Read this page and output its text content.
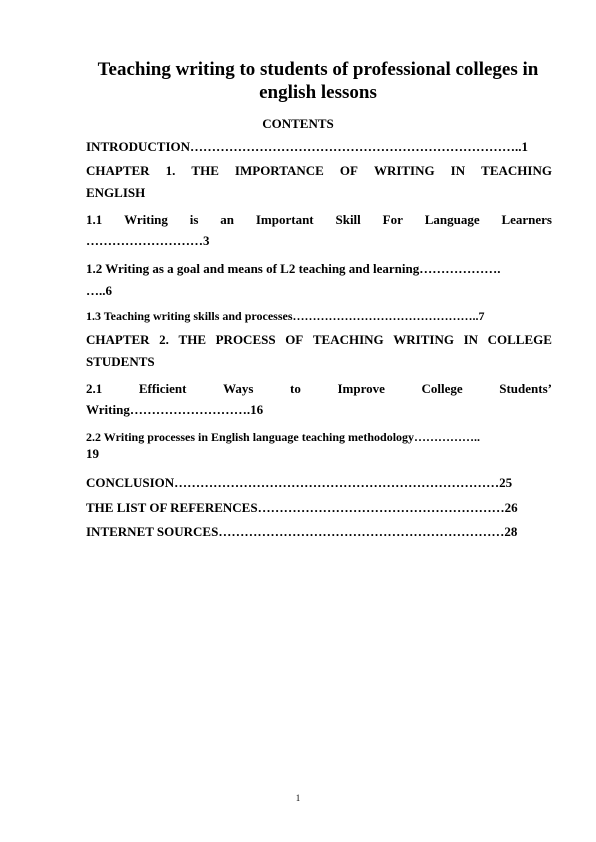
Teaching writing to students of professional colleges in
english lessons
CONTENTS
INTRODUCTION…………………………………………………………………..1
CHAPTER 1. THE IMPORTANCE OF WRITING IN TEACHING
ENGLISH
1.1 Writing is an Important Skill For Language Learners
………………………3
1.2 Writing as a goal and means of L2 teaching and learning……………….
…..6
1.3 Teaching writing skills and processes………………………………………..7
CHAPTER 2. THE PROCESS OF TEACHING WRITING IN COLLEGE
STUDENTS
2.1	Efficient	Ways	to	Improve	College	Students’
Writing……………………….16
2.2 Writing processes in English language teaching methodology……………..
19
CONCLUSION…………………………………………………………………25
THE LIST OF REFERENCES…………………………………………………26
INTERNET SOURCES…………………………………………………………28
1
